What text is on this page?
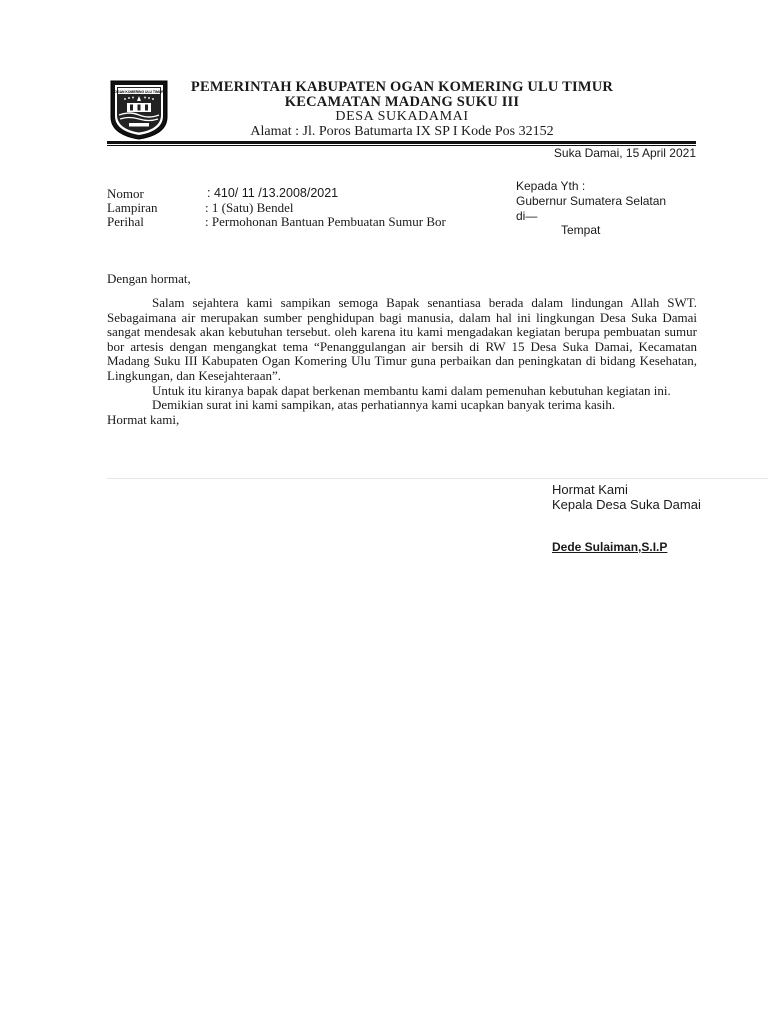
OGAN KOMERING ULU TIMUR	PEMERINTAH KABUPATEN OGAN KOMERING ULU TIMUR
KECAMATAN MADANG SUKU III
DESA SUKADAMAI
Alamat : Jl. Poros Batumarta IX SP I Kode Pos 32152
Suka Damai, 15 April 2021
Nomor	: 410/ 11 /13.2008/2021
Lampiran	: 1 (Satu) Bendel
Perihal	: Permohonan Bantuan Pembuatan Sumur Bor
Kepada Yth :
Gubernur Sumatera Selatan
di—
Tempat
Dengan hormat,

Salam sejahtera kami sampikan semoga Bapak senantiasa berada dalam lindungan Allah SWT. Sebagaimana air merupakan sumber penghidupan bagi manusia, dalam hal ini lingkungan Desa Suka Damai sangat mendesak akan kebutuhan tersebut. oleh karena itu kami mengadakan kegiatan berupa pembuatan sumur bor artesis dengan mengangkat tema “Penanggulangan air bersih di RW 15 Desa Suka Damai, Kecamatan Madang Suku III Kabupaten Ogan Komering Ulu Timur guna perbaikan dan peningkatan di bidang Kesehatan, Lingkungan, dan Kesejahteraan”.

Untuk itu kiranya bapak dapat berkenan membantu kami dalam pemenuhan kebutuhan kegiatan ini.

Demikian surat ini kami sampikan, atas perhatiannya kami ucapkan banyak terima kasih.

Hormat kami,

Hormat Kami
Kepala Desa Suka Damai
Dede Sulaiman,S.I.P
